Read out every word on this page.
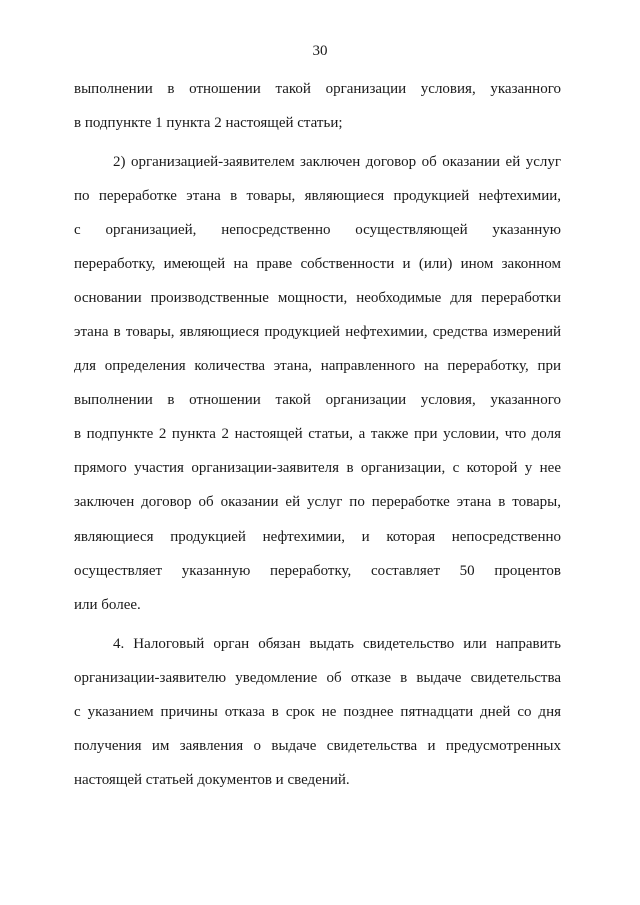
30
выполнении в отношении такой организации условия, указанного
в подпункте 1 пункта 2 настоящей статьи;
2) организацией-заявителем заключен договор об оказании ей услуг
по переработке этана в товары, являющиеся продукцией нефтехимии,
с организацией, непосредственно осуществляющей указанную
переработку, имеющей на праве собственности и (или) ином законном
основании производственные мощности, необходимые для переработки
этана в товары, являющиеся продукцией нефтехимии, средства измерений
для определения количества этана, направленного на переработку, при
выполнении в отношении такой организации условия, указанного
в подпункте 2 пункта 2 настоящей статьи, а также при условии, что доля
прямого участия организации-заявителя в организации, с которой у нее
заключен договор об оказании ей услуг по переработке этана в товары,
являющиеся продукцией нефтехимии, и которая непосредственно
осуществляет указанную переработку, составляет 50 процентов
или более.
4. Налоговый орган обязан выдать свидетельство или направить
организации-заявителю уведомление об отказе в выдаче свидетельства
с указанием причины отказа в срок не позднее пятнадцати дней со дня
получения им заявления о выдаче свидетельства и предусмотренных
настоящей статьей документов и сведений.
